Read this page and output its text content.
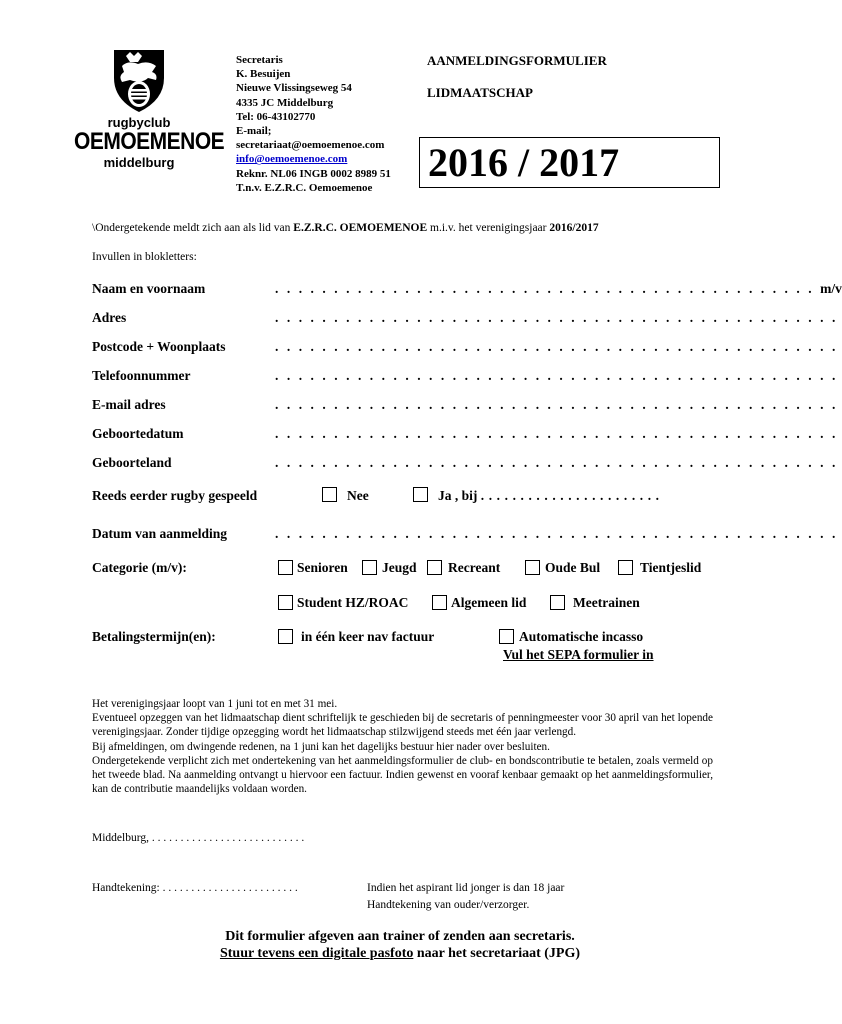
rugbyclub
OEMOEMENOE
middelburg
Secretaris
K. Besuijen
Nieuwe Vlissingseweg 54
4335 JC Middelburg
Tel: 06-43102770
E-mail;
secretariaat@oemoemenoe.com
info@oemoemenoe.com
Reknr. NL06 INGB 0002 8989 51
T.n.v. E.Z.R.C. Oemoemenoe
AANMELDINGSFORMULIER
LIDMAATSCHAP
2016 / 2017
\Ondergetekende meldt zich aan als lid van E.Z.R.C. OEMOEMENOE m.i.v. het verenigingsjaar 2016/2017
Invullen in blokletters:
Naam en voornaam	. . . . . . . . . . . . . . . . . . . . . . . . . . . . . . . . . . . . . . . . . . . . . . m/v
Adres	. . . . . . . . . . . . . . . . . . . . . . . . . . . . . . . . . . . . . . . . . . . . . . . .
Postcode + Woonplaats	. . . . . . . . . . . . . . . . . . . . . . . . . . . . . . . . . . . . . . . . . . . . . . . .
Telefoonnummer	. . . . . . . . . . . . . . . . . . . . . . . . . . . . . . . . . . . . . . . . . . . . . . . .
E-mail adres	. . . . . . . . . . . . . . . . . . . . . . . . . . . . . . . . . . . . . . . . . . . . . . . .
Geboortedatum	. . . . . . . . . . . . . . . . . . . . . . . . . . . . . . . . . . . . . . . . . . . . . . . .
Geboorteland	. . . . . . . . . . . . . . . . . . . . . . . . . . . . . . . . . . . . . . . . . . . . . . . .
Reeds eerder rugby gespeeld	Nee	Ja , bij . . . . . . . . . . . . . . . . . . . . . . .
Datum van aanmelding	. . . . . . . . . . . . . . . . . . . . . . . . . . . . . . . . . . . . . . . . . . . . . . . .
Categorie (m/v):	Senioren	Jeugd Recreant	Oude Bul	Tientjeslid
Student HZ/ROAC	Algemeen lid	Meetrainen
Betalingstermijn(en):	in één keer nav factuur	Automatische incasso
Vul het SEPA formulier in

Het verenigingsjaar loopt van 1 juni tot en met 31 mei.

Eventueel opzeggen van het lidmaatschap dient schriftelijk te geschieden bij de secretaris of penningmeester voor 30 april van het lopende verenigingsjaar. Zonder tijdige opzegging wordt het lidmaatschap stilzwijgend steeds met één jaar verlengd.

Bij afmeldingen, om dwingende redenen, na 1 juni kan het dagelijks bestuur hier nader over besluiten.

Ondergetekende verplicht zich met ondertekening van het aanmeldingsformulier de club- en bondscontributie te betalen, zoals vermeld op het tweede blad. Na aanmelding ontvangt u hiervoor een factuur. Indien gewenst en vooraf kenbaar gemaakt op het aanmeldingsformulier, kan de contributie maandelijks voldaan worden.

Middelburg, . . . . . . . . . . . . . . . . . . . . . . . . . . .
Handtekening: . . . . . . . . . . . . . . . . . . . . . . . .	Indien het aspirant lid jonger is dan 18 jaar
Handtekening van ouder/verzorger.
Dit formulier afgeven aan trainer of zenden aan secretaris.
Stuur tevens een digitale pasfoto naar het secretariaat (JPG)
